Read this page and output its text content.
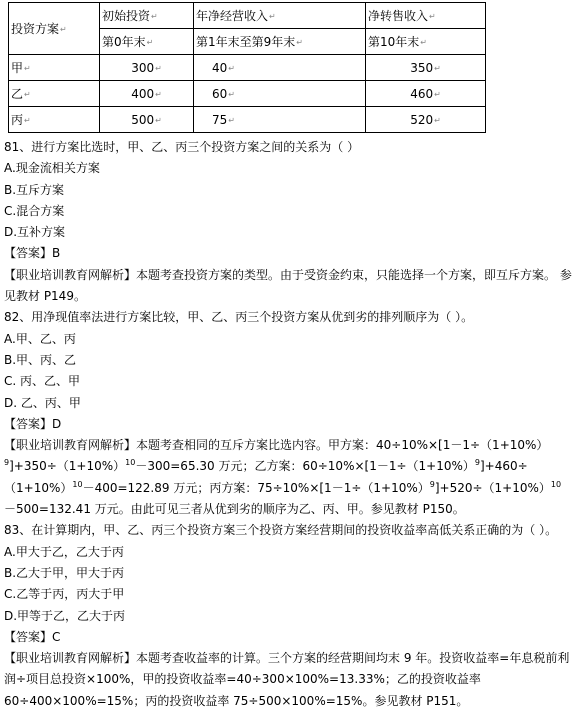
投资方案↵	初始投资↵	年净经营收入↵	净转售收入↵
	第0年末↵	第1年末至第9年末↵	第10年末↵
甲↵	300↵	40↵	350↵
乙↵	400↵	60↵	460↵
丙↵	500↵	75↵	520↵

81、进行方案比选时，甲、乙、丙三个投资方案之间的关系为（ ）

A.现金流相关方案

B.互斥方案

C.混合方案

D.互补方案

【答案】B

【职业培训教育网解析】本题考查投资方案的类型。由于受资金约束，只能选择一个方案，即互斥方案。 参见教材 P149。

82、用净现值率法进行方案比较，甲、乙、丙三个投资方案从优到劣的排列顺序为（ ）。

A.甲、乙、丙

B.甲、丙、乙

C. 丙、乙、甲

D. 乙、丙、甲

【答案】D

【职业培训教育网解析】本题考查相同的互斥方案比选内容。甲方案：$40\div 10\%\times[1-1\div(1+10\%)^9]+350\div(1+10\%)^{10}-300=65.30$ 万元；乙方案：$60\div 10\%\times[1-1\div(1+10\%)^9]+460\div(1+10\%)^{10}-400=122.89$ 万元；丙方案：$75\div 10\%\times[1-1\div(1+10\%)^9]+520\div(1+10\%)^{10}-500=132.41$ 万元。由此可见三者从优到劣的顺序为乙、丙、甲。参见教材 P150。

83、在计算期内，甲、乙、丙三个投资方案三个投资方案经营期间的投资收益率高低关系正确的为（ ）。

A.甲大于乙，乙大于丙

B.乙大于甲，甲大于丙

C.乙等于丙，丙大于甲

D.甲等于乙，乙大于丙

【答案】C

【职业培训教育网解析】本题考查收益率的计算。三个方案的经营期间均末 9 年。投资收益率=年息税前利润÷项目总投资×100%，甲的投资收益率=40÷300×100%=13.33%；乙的投资收益率 60÷400×100%=15%；丙的投资收益率 75÷500×100%=15%。参见教材 P151。
